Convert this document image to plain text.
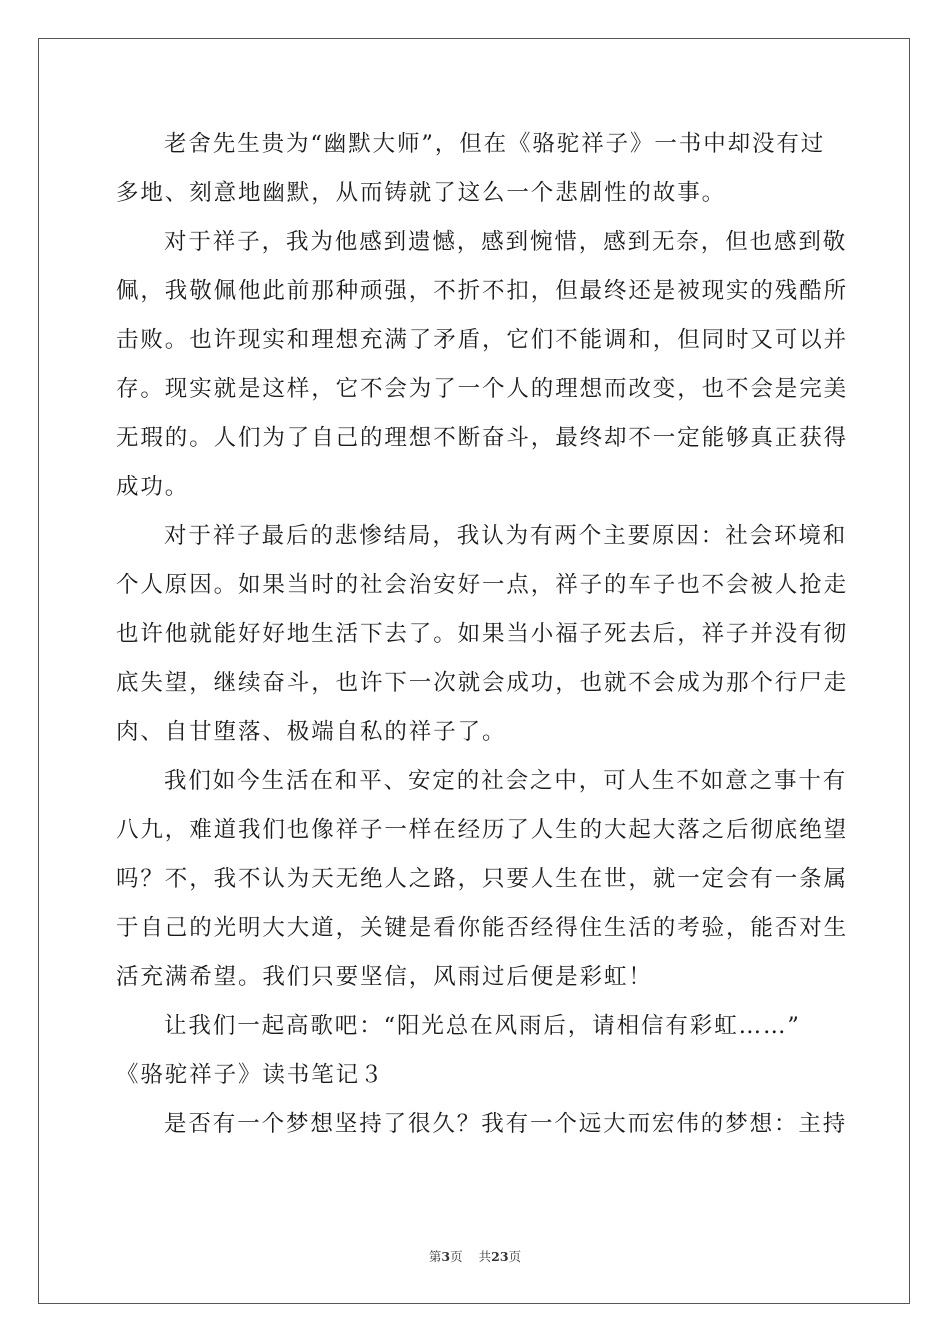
老舍先生贵为“幽默大师”，但在《骆驼祥子》一书中却没有过
多地、刻意地幽默，从而铸就了这么一个悲剧性的故事。
对于祥子，我为他感到遗憾，感到惋惜，感到无奈，但也感到敬
佩，我敬佩他此前那种顽强，不折不扣，但最终还是被现实的残酷所
击败。也许现实和理想充满了矛盾，它们不能调和，但同时又可以并
存。现实就是这样，它不会为了一个人的理想而改变，也不会是完美
无瑕的。人们为了自己的理想不断奋斗，最终却不一定能够真正获得
成功。
对于祥子最后的悲惨结局，我认为有两个主要原因：社会环境和
个人原因。如果当时的社会治安好一点，祥子的车子也不会被人抢走
也许他就能好好地生活下去了。如果当小福子死去后，祥子并没有彻
底失望，继续奋斗，也许下一次就会成功，也就不会成为那个行尸走
肉、自甘堕落、极端自私的祥子了。
我们如今生活在和平、安定的社会之中，可人生不如意之事十有
八九，难道我们也像祥子一样在经历了人生的大起大落之后彻底绝望
吗？不，我不认为天无绝人之路，只要人生在世，就一定会有一条属
于自己的光明大大道，关键是看你能否经得住生活的考验，能否对生
活充满希望。我们只要坚信，风雨过后便是彩虹！
让我们一起高歌吧：“阳光总在风雨后，请相信有彩虹……”
《骆驼祥子》读书笔记３
是否有一个梦想坚持了很久？我有一个远大而宏伟的梦想：主持
第3页 共23页
